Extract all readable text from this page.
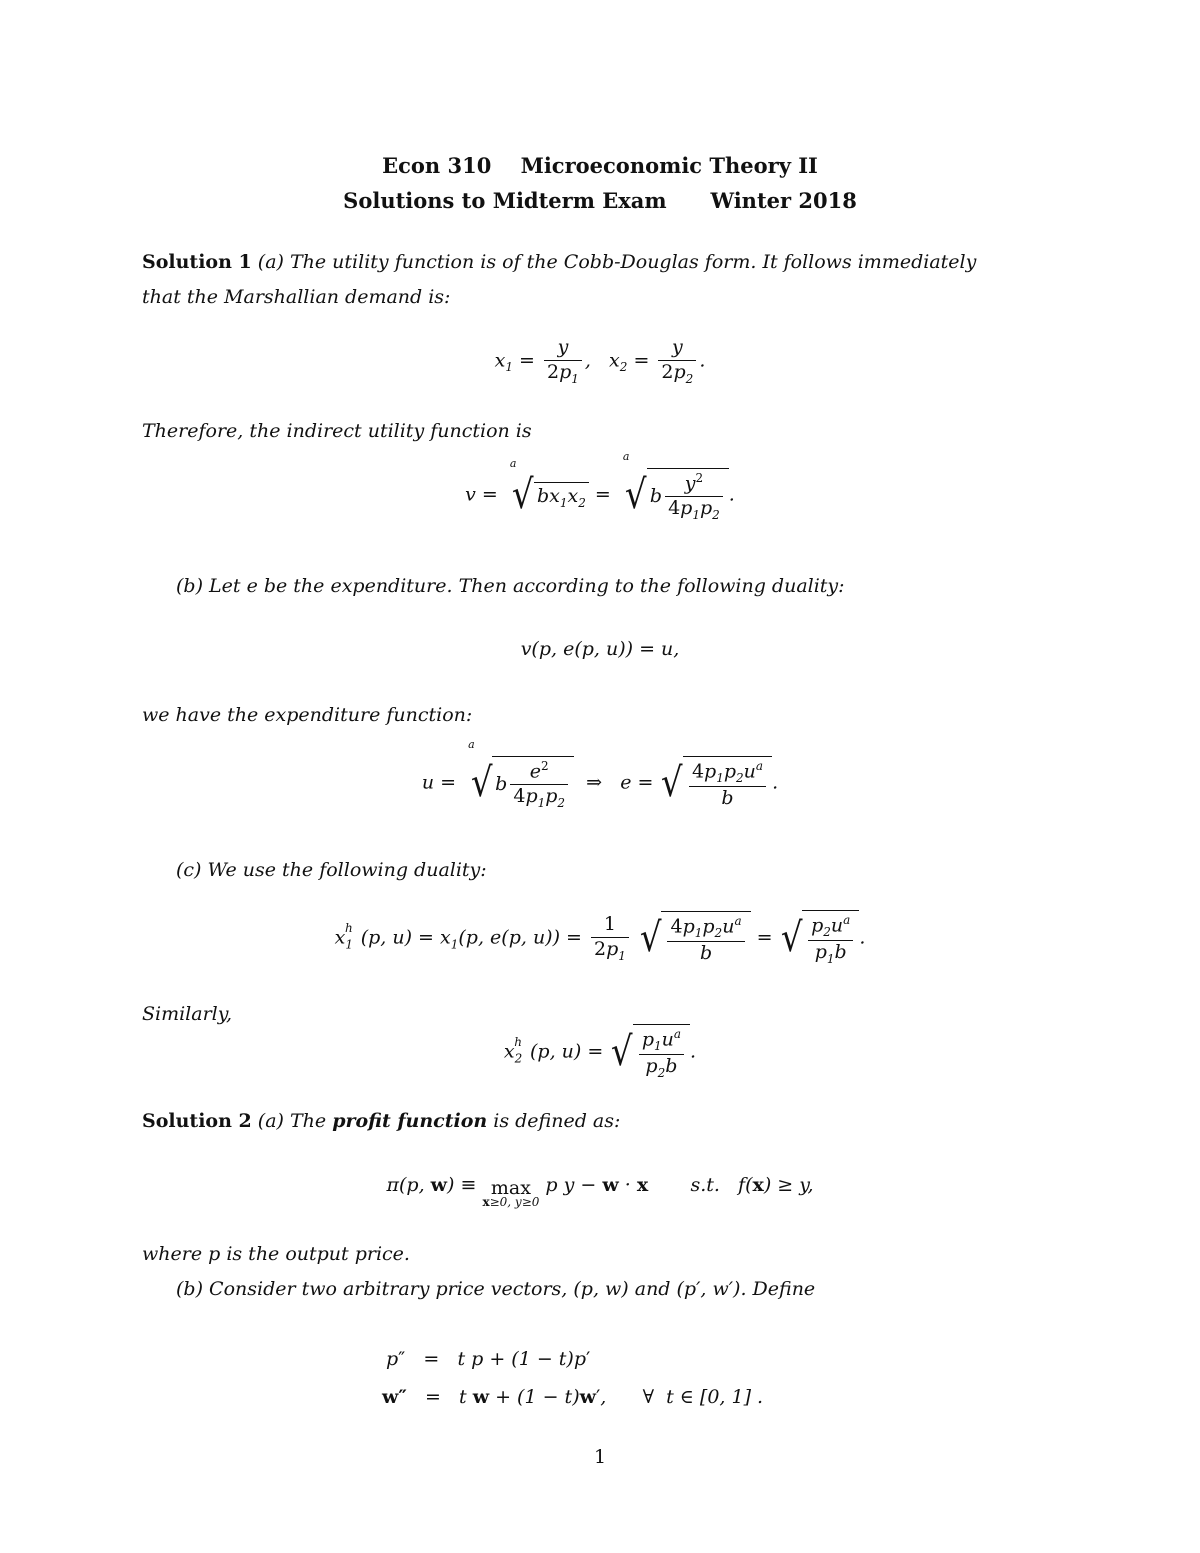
Econ 310    Microeconomic Theory II
Solutions to Midterm Exam      Winter 2018
Solution 1 (a) The utility function is of the Cobb-Douglas form. It follows immediately
that the Marshallian demand is:
$x_1 = \frac{y}{2p_1}$ ,   $x_2 = \frac{y}{2p_2}$ .
Therefore, the indirect utility function is
v = $^a$√ $bx_1x_2 = ^a√$ b $\frac{y^2}{4p_1p_2}$ .
(b) Let e be the expenditure. Then according to the following duality:
v(p, e(p, u)) = u,
we have the expenditure function:
u = $^a$√ b $\frac{e^2}{4p_1p_2}$ ⇒   e = √ $\frac{4p_1p_2u^a}{b}$ .
(c) We use the following duality:
$x_1^h$ (p, $u) = x_1(p$, e(p, $u)) = \frac{1}{2p_1}$ √ $\frac{4p_1p_2u^a}{b}$ = √ $\frac{p_2u^a}{p_1b}$ .
Similarly,
$x_2^h$ (p, u) = √ $\frac{p_1u^a}{p_2b}$ .
Solution 2 (a) The profit function is defined as:
π(p, w) ≡ max
x≥0, y≥0
p y − w · x       s.t.   f(x) ≥ y,
where p is the output price.
(b) Consider two arbitrary price vectors, (p, w) and (p′, w′). Define
p″ =   t p + (1 − t)p′
w″ =   t w + (1 − t)w′,      ∀  t ∈ [0, 1] .
1
